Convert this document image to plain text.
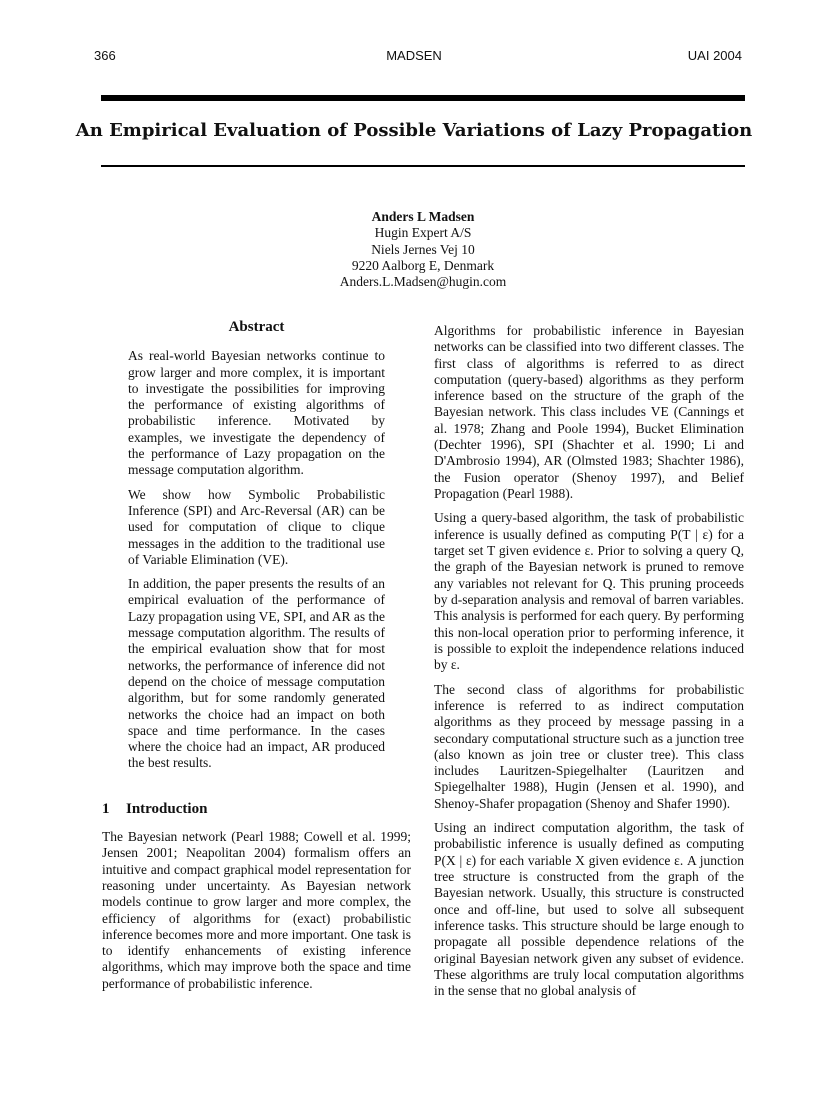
366	MADSEN	UAI 2004
An Empirical Evaluation of Possible Variations of Lazy Propagation
Anders L Madsen
Hugin Expert A/S
Niels Jernes Vej 10
9220 Aalborg E, Denmark
Anders.L.Madsen@hugin.com
Abstract

As real-world Bayesian networks continue to grow larger and more complex, it is important to investigate the possibilities for improving the performance of existing algorithms of probabilistic inference. Motivated by examples, we investigate the dependency of the performance of Lazy propagation on the message computation algorithm.

We show how Symbolic Probabilistic Inference (SPI) and Arc-Reversal (AR) can be used for computation of clique to clique messages in the addition to the traditional use of Variable Elimination (VE).

In addition, the paper presents the results of an empirical evaluation of the performance of Lazy propagation using VE, SPI, and AR as the message computation algorithm. The results of the empirical evaluation show that for most networks, the performance of inference did not depend on the choice of message computation algorithm, but for some randomly generated networks the choice had an impact on both space and time performance. In the cases where the choice had an impact, AR produced the best results.

1 Introduction

The Bayesian network (Pearl 1988; Cowell et al. 1999; Jensen 2001; Neapolitan 2004) formalism offers an intuitive and compact graphical model representation for reasoning under uncertainty. As Bayesian network models continue to grow larger and more complex, the efficiency of algorithms for (exact) probabilistic inference becomes more and more important. One task is to identify enhancements of existing inference algorithms, which may improve both the space and time performance of probabilistic inference.

Algorithms for probabilistic inference in Bayesian networks can be classified into two different classes. The first class of algorithms is referred to as direct computation (query-based) algorithms as they perform inference based on the structure of the graph of the Bayesian network. This class includes VE (Cannings et al. 1978; Zhang and Poole 1994), Bucket Elimination (Dechter 1996), SPI (Shachter et al. 1990; Li and D'Ambrosio 1994), AR (Olmsted 1983; Shachter 1986), the Fusion operator (Shenoy 1997), and Belief Propagation (Pearl 1988).

Using a query-based algorithm, the task of probabilistic inference is usually defined as computing P(T | ε) for a target set T given evidence ε. Prior to solving a query Q, the graph of the Bayesian network is pruned to remove any variables not relevant for Q. This pruning proceeds by d-separation analysis and removal of barren variables. This analysis is performed for each query. By performing this non-local operation prior to performing inference, it is possible to exploit the independence relations induced by ε.

The second class of algorithms for probabilistic inference is referred to as indirect computation algorithms as they proceed by message passing in a secondary computational structure such as a junction tree (also known as join tree or cluster tree). This class includes Lauritzen-Spiegelhalter (Lauritzen and Spiegelhalter 1988), Hugin (Jensen et al. 1990), and Shenoy-Shafer propagation (Shenoy and Shafer 1990).

Using an indirect computation algorithm, the task of probabilistic inference is usually defined as computing P(X | ε) for each variable X given evidence ε. A junction tree structure is constructed from the graph of the Bayesian network. Usually, this structure is constructed once and off-line, but used to solve all subsequent inference tasks. This structure should be large enough to propagate all possible dependence relations of the original Bayesian network given any subset of evidence. These algorithms are truly local computation algorithms in the sense that no global analysis of
